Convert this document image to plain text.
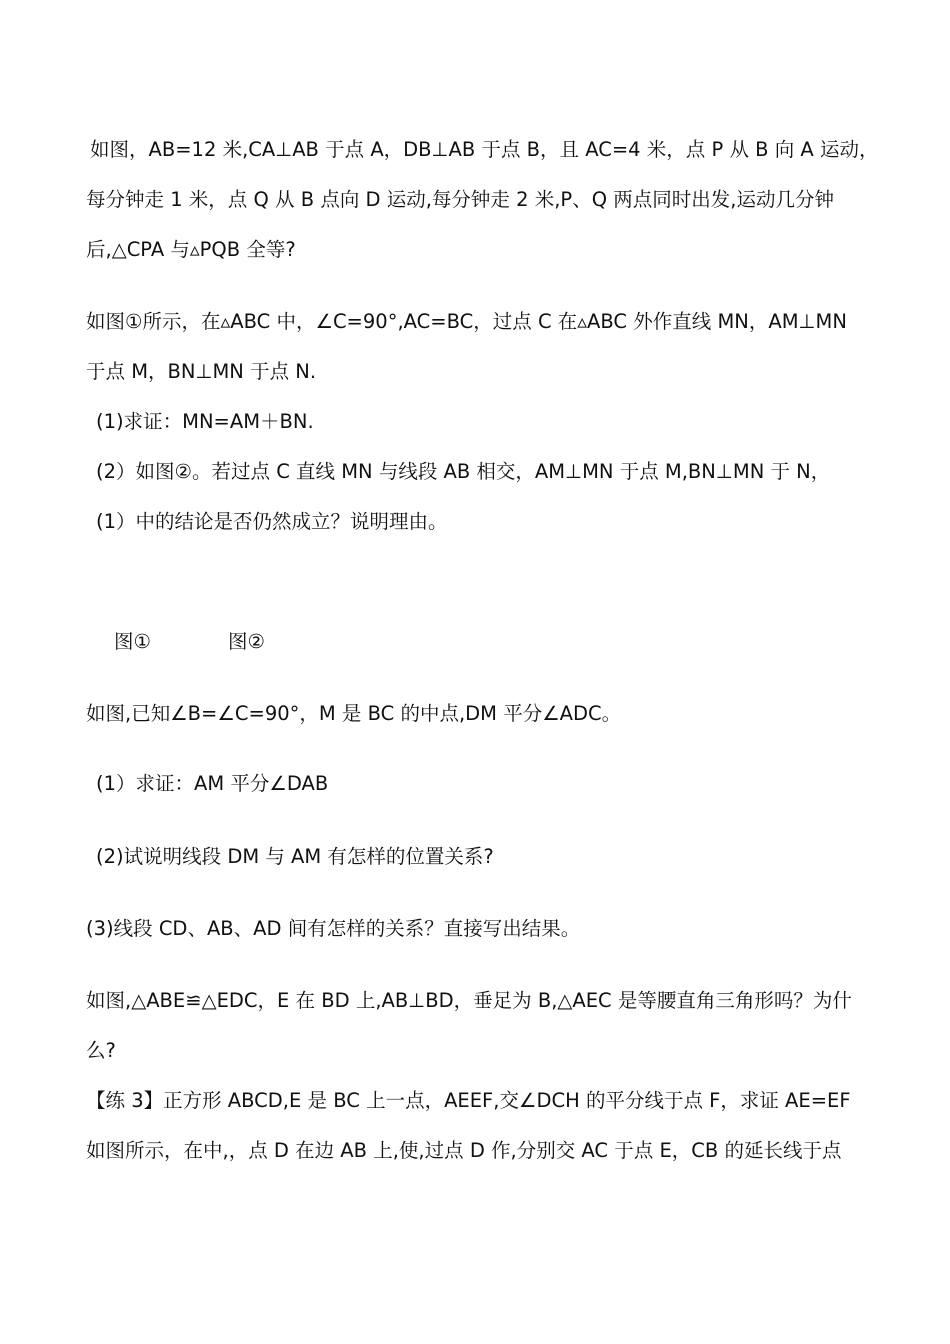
如图，AB=12 米,CA⊥AB 于点 A，DB⊥AB 于点 B，且 AC=4 米，点 P 从 B 向 A 运动，
每分钟走 1 米，点 Q 从 B 点向 D 运动,每分钟走 2 米,P、Q 两点同时出发,运动几分钟
后,△CPA 与▵PQB 全等?
如图①所示，在▵ABC 中，∠C=90°,AC=BC，过点 C 在▵ABC 外作直线 MN，AM⊥MN
于点 M，BN⊥MN 于点 N.
(1)求证：MN=AM＋BN.
(2）如图②。若过点 C 直线 MN 与线段 AB 相交，AM⊥MN 于点 M,BN⊥MN 于 N，
(1）中的结论是否仍然成立？说明理由。
图①	图②
如图,已知∠B=∠C=90°，M 是 BC 的中点,DM 平分∠ADC。
(1）求证：AM 平分∠DAB
(2)试说明线段 DM 与 AM 有怎样的位置关系?
(3)线段 CD、AB、AD 间有怎样的关系？直接写出结果。
如图,△ABE≌△EDC，E 在 BD 上,AB⊥BD，垂足为 B,△AEC 是等腰直角三角形吗？为什
么?
【练 3】正方形 ABCD,E 是 BC 上一点，AEEF,交∠DCH 的平分线于点 F，求证 AE=EF
如图所示，在中,，点 D 在边 AB 上,使,过点 D 作,分别交 AC 于点 E，CB 的延长线于点
